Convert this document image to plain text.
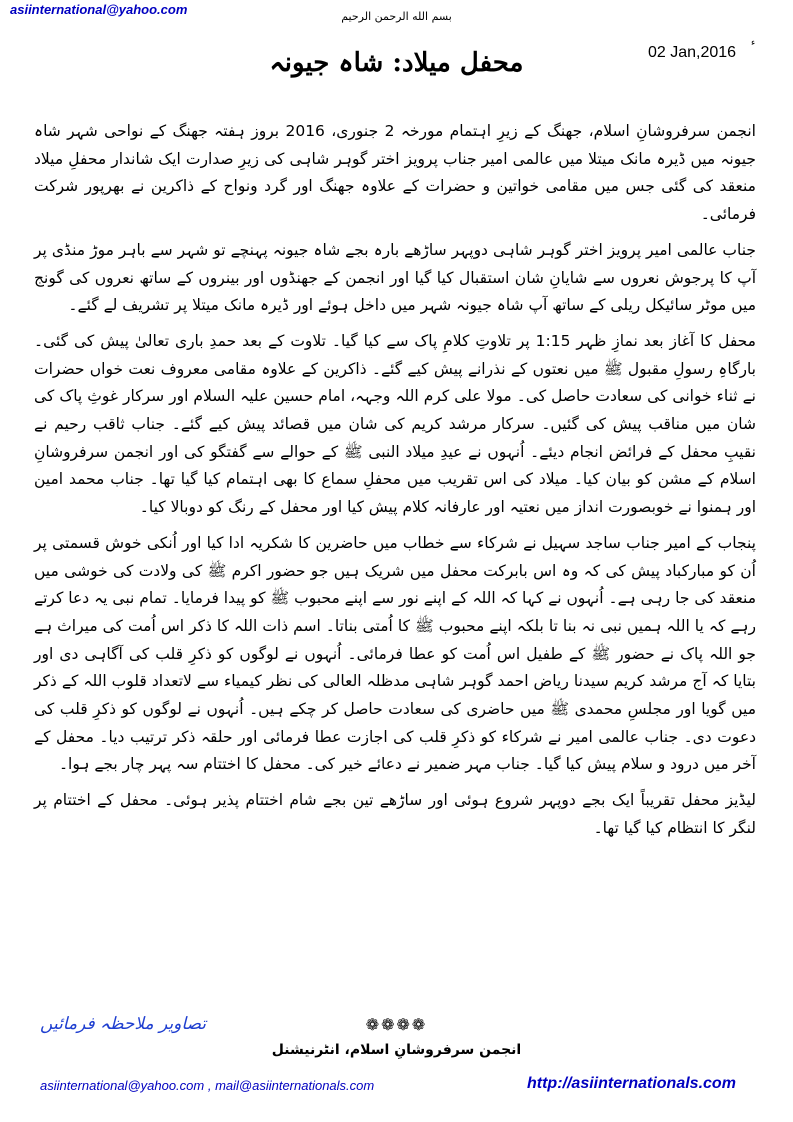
asiinternational@yahoo.com	بسم الله الرحمن الرحیم
ء
02 Jan,2016
محفل میلاد: شاہ جیونہ

انجمن سرفروشانِ اسلام، جھنگ کے زیرِ اہتمام مورخہ 2 جنوری، 2016 بروز ہفتہ جھنگ کے نواحی شہر شاہ جیونہ میں ڈیرہ مانک میتلا میں عالمی امیر جناب پرویز اختر گوہر شاہی کی زیرِ صدارت ایک شاندار محفلِ میلاد منعقد کی گئی جس میں مقامی خواتین و حضرات کے علاوہ جھنگ اور گرد ونواح کے ذاکرین نے بھرپور شرکت فرمائی۔

جناب عالمی امیر پرویز اختر گوہر شاہی دوپہر ساڑھے بارہ بجے شاہ جیونہ پہنچے تو شہر سے باہر موڑ منڈی پر آپ کا پرجوش نعروں سے شایانِ شان استقبال کیا گیا اور انجمن کے جھنڈوں اور بینروں کے ساتھ نعروں کی گونج میں موٹر سائیکل ریلی کے ساتھ آپ شاہ جیونہ شہر میں داخل ہوئے اور ڈیرہ مانک میتلا پر تشریف لے گئے۔

محفل کا آغاز بعد نمازِ ظہر 1:15 پر تلاوتِ کلامِ پاک سے کیا گیا۔ تلاوت کے بعد حمدِ باری تعالیٰ پیش کی گئی۔ بارگاہِ رسولِ مقبول ﷺ میں نعتوں کے نذرانے پیش کیے گئے۔ ذاکرین کے علاوہ مقامی معروف نعت خواں حضرات نے ثناء خوانی کی سعادت حاصل کی۔ مولا علی کرم اللہ وجہہ، امام حسین علیہ السلام اور سرکار غوثِ پاک کی شان میں مناقب پیش کی گئیں۔ سرکار مرشد کریم کی شان میں قصائد پیش کیے گئے۔ جناب ثاقب رحیم نے نقیبِ محفل کے فرائض انجام دیئے۔ اُنہوں نے عیدِ میلاد النبی ﷺ کے حوالے سے گفتگو کی اور انجمن سرفروشانِ اسلام کے مشن کو بیان کیا۔ میلاد کی اس تقریب میں محفلِ سماع کا بھی اہتمام کیا گیا تھا۔ جناب محمد امین اور ہمنوا نے خوبصورت انداز میں نعتیہ اور عارفانہ کلام پیش کیا اور محفل کے رنگ کو دوبالا کیا۔

پنجاب کے امیر جناب ساجد سہیل نے شرکاء سے خطاب میں حاضرین کا شکریہ ادا کیا اور اُنکی خوش قسمتی پر اُن کو مبارکباد پیش کی کہ وہ اس بابرکت محفل میں شریک ہیں جو حضور اکرم ﷺ کی ولادت کی خوشی میں منعقد کی جا رہی ہے۔ اُنہوں نے کہا کہ اللہ کے اپنے نور سے اپنے محبوب ﷺ کو پیدا فرمایا۔ تمام نبی یہ دعا کرتے رہے کہ یا اللہ ہمیں نبی نہ بنا تا بلکہ اپنے محبوب ﷺ کا اُمتی بناتا۔ اسم ذات اللہ کا ذکر اس اُمت کی میراث ہے جو اللہ پاک نے حضور ﷺ کے طفیل اس اُمت کو عطا فرمائی۔ اُنہوں نے لوگوں کو ذکرِ قلب کی آگاہی دی اور بتایا کہ آج مرشد کریم سیدنا ریاض احمد گوہر شاہی مدظلہ العالی کی نظر کیمیاء سے لاتعداد قلوب اللہ کے ذکر میں گویا اور مجلسِ محمدی ﷺ میں حاضری کی سعادت حاصل کر چکے ہیں۔ اُنہوں نے لوگوں کو ذکرِ قلب کی دعوت دی۔ جناب عالمی امیر نے شرکاء کو ذکرِ قلب کی اجازت عطا فرمائی اور حلقہ ذکر ترتیب دیا۔ محفل کے آخر میں درود و سلام پیش کیا گیا۔ جناب مہر ضمیر نے دعائے خیر کی۔ محفل کا اختتام سہ پہر چار بجے ہوا۔

لیڈیز محفل تقریباً ایک بجے دوپہر شروع ہوئی اور ساڑھے تین بجے شام اختتام پذیر ہوئی۔ محفل کے اختتام پر لنگر کا انتظام کیا گیا تھا۔

تصاویر ملاحظہ فرمائیں	❁❁❁❁
انجمن سرفروشانِ اسلام، انٹرنیشنل
asiinternational@yahoo.com , mail@asiinternationals.com	http://asiinternationals.com
